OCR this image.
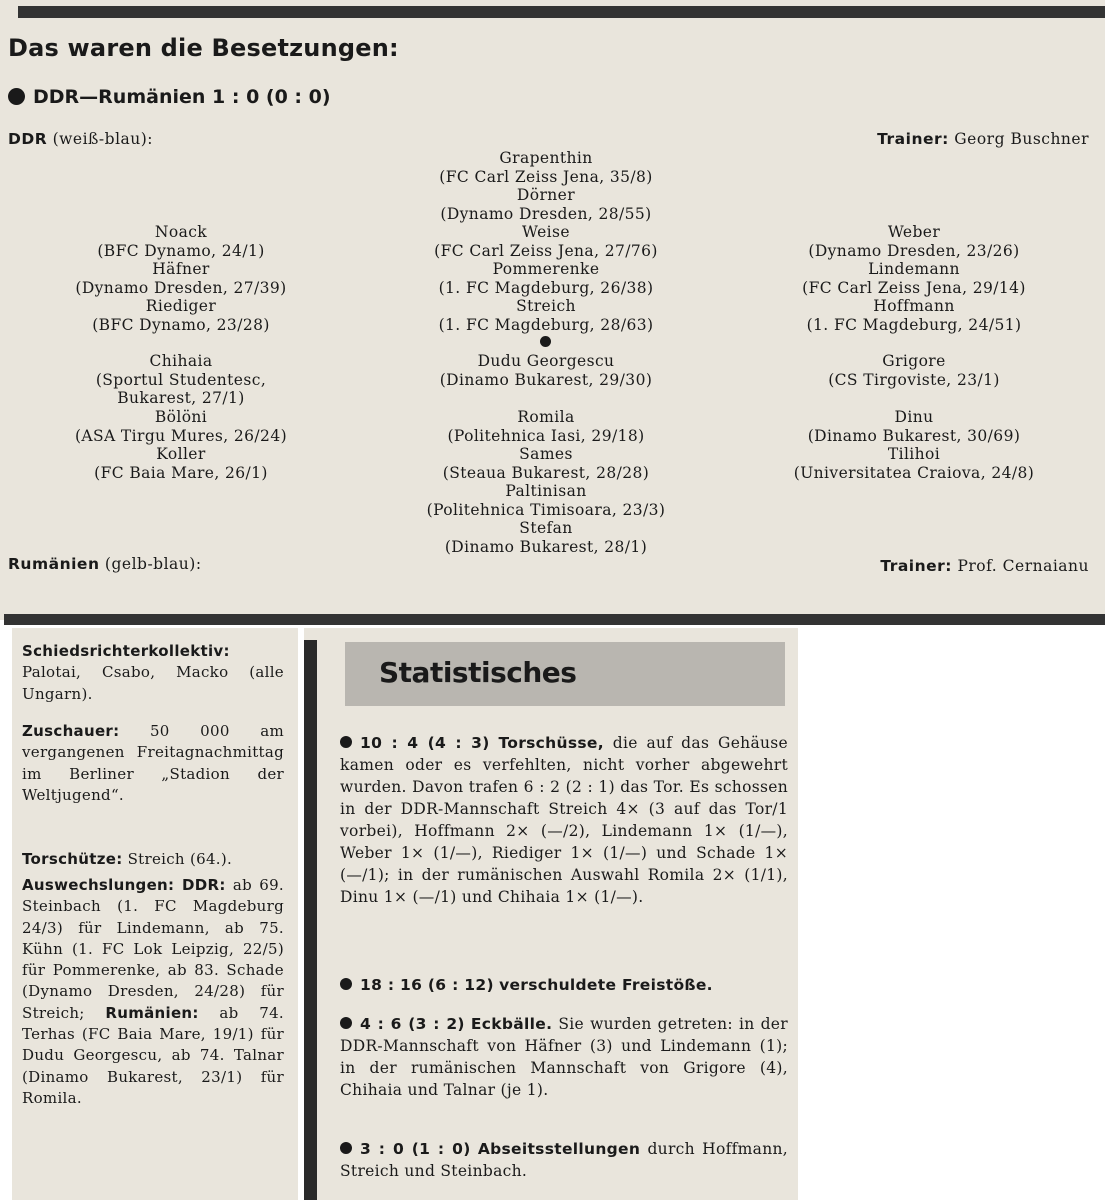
Das waren die Besetzungen:
DDR—Rumänien 1 : 0 (0 : 0)
DDR (weiß-blau):	Trainer: Georg Buschner
Grapenthin
(FC Carl Zeiss Jena, 35/8)
Dörner
(Dynamo Dresden, 28/55)
Noack
(BFC Dynamo, 24/1)
Weise
(FC Carl Zeiss Jena, 27/76)
Weber
(Dynamo Dresden, 23/26)
Häfner
(Dynamo Dresden, 27/39)
Pommerenke
(1. FC Magdeburg, 26/38)
Lindemann
(FC Carl Zeiss Jena, 29/14)
Riediger
(BFC Dynamo, 23/28)
Streich
(1. FC Magdeburg, 28/63)
Hoffmann
(1. FC Magdeburg, 24/51)
Chihaia
(Sportul Studentesc,
Bukarest, 27/1)
Dudu Georgescu
(Dinamo Bukarest, 29/30)
Grigore
(CS Tirgoviste, 23/1)
Bölöni
(ASA Tirgu Mures, 26/24)
Romila
(Politehnica Iasi, 29/18)
Dinu
(Dinamo Bukarest, 30/69)
Koller
(FC Baia Mare, 26/1)
Sames
(Steaua Bukarest, 28/28)
Tilihoi
(Universitatea Craiova, 24/8)
Paltinisan
(Politehnica Timisoara, 23/3)
Stefan
(Dinamo Bukarest, 28/1)
Rumänien (gelb-blau):	Trainer: Prof. Cernaianu
Schiedsrichterkollektiv: Palotai, Csabo, Macko (alle Ungarn).
Zuschauer: 50 000 am vergangenen Freitagnachmittag im Berliner „Stadion der Weltjugend“.
Torschütze: Streich (64.).
Auswechslungen: DDR: ab 69. Steinbach (1. FC Magdeburg 24/3) für Lindemann, ab 75. Kühn (1. FC Lok Leipzig, 22/5) für Pommerenke, ab 83. Schade (Dynamo Dresden, 24/28) für Streich; Rumänien: ab 74. Terhas (FC Baia Mare, 19/1) für Dudu Georgescu, ab 74. Talnar (Dinamo Bukarest, 23/1) für Romila.
Statistisches
10 : 4 (4 : 3) Torschüsse, die auf das Gehäuse kamen oder es verfehlten, nicht vorher abgewehrt wurden. Davon trafen 6 : 2 (2 : 1) das Tor. Es schossen in der DDR-Mannschaft Streich 4× (3 auf das Tor/1 vorbei), Hoffmann 2× (—/2), Lindemann 1× (1/—), Weber 1× (1/—), Riediger 1× (1/—) und Schade 1× (—/1); in der rumänischen Auswahl Romila 2× (1/1), Dinu 1× (—/1) und Chihaia 1× (1/—).
18 : 16 (6 : 12) verschuldete Freistöße.
4 : 6 (3 : 2) Eckbälle. Sie wurden getreten: in der DDR-Mannschaft von Häfner (3) und Lindemann (1); in der rumänischen Mannschaft von Grigore (4), Chihaia und Talnar (je 1).
3 : 0 (1 : 0) Abseitsstellungen durch Hoffmann, Streich und Steinbach.
